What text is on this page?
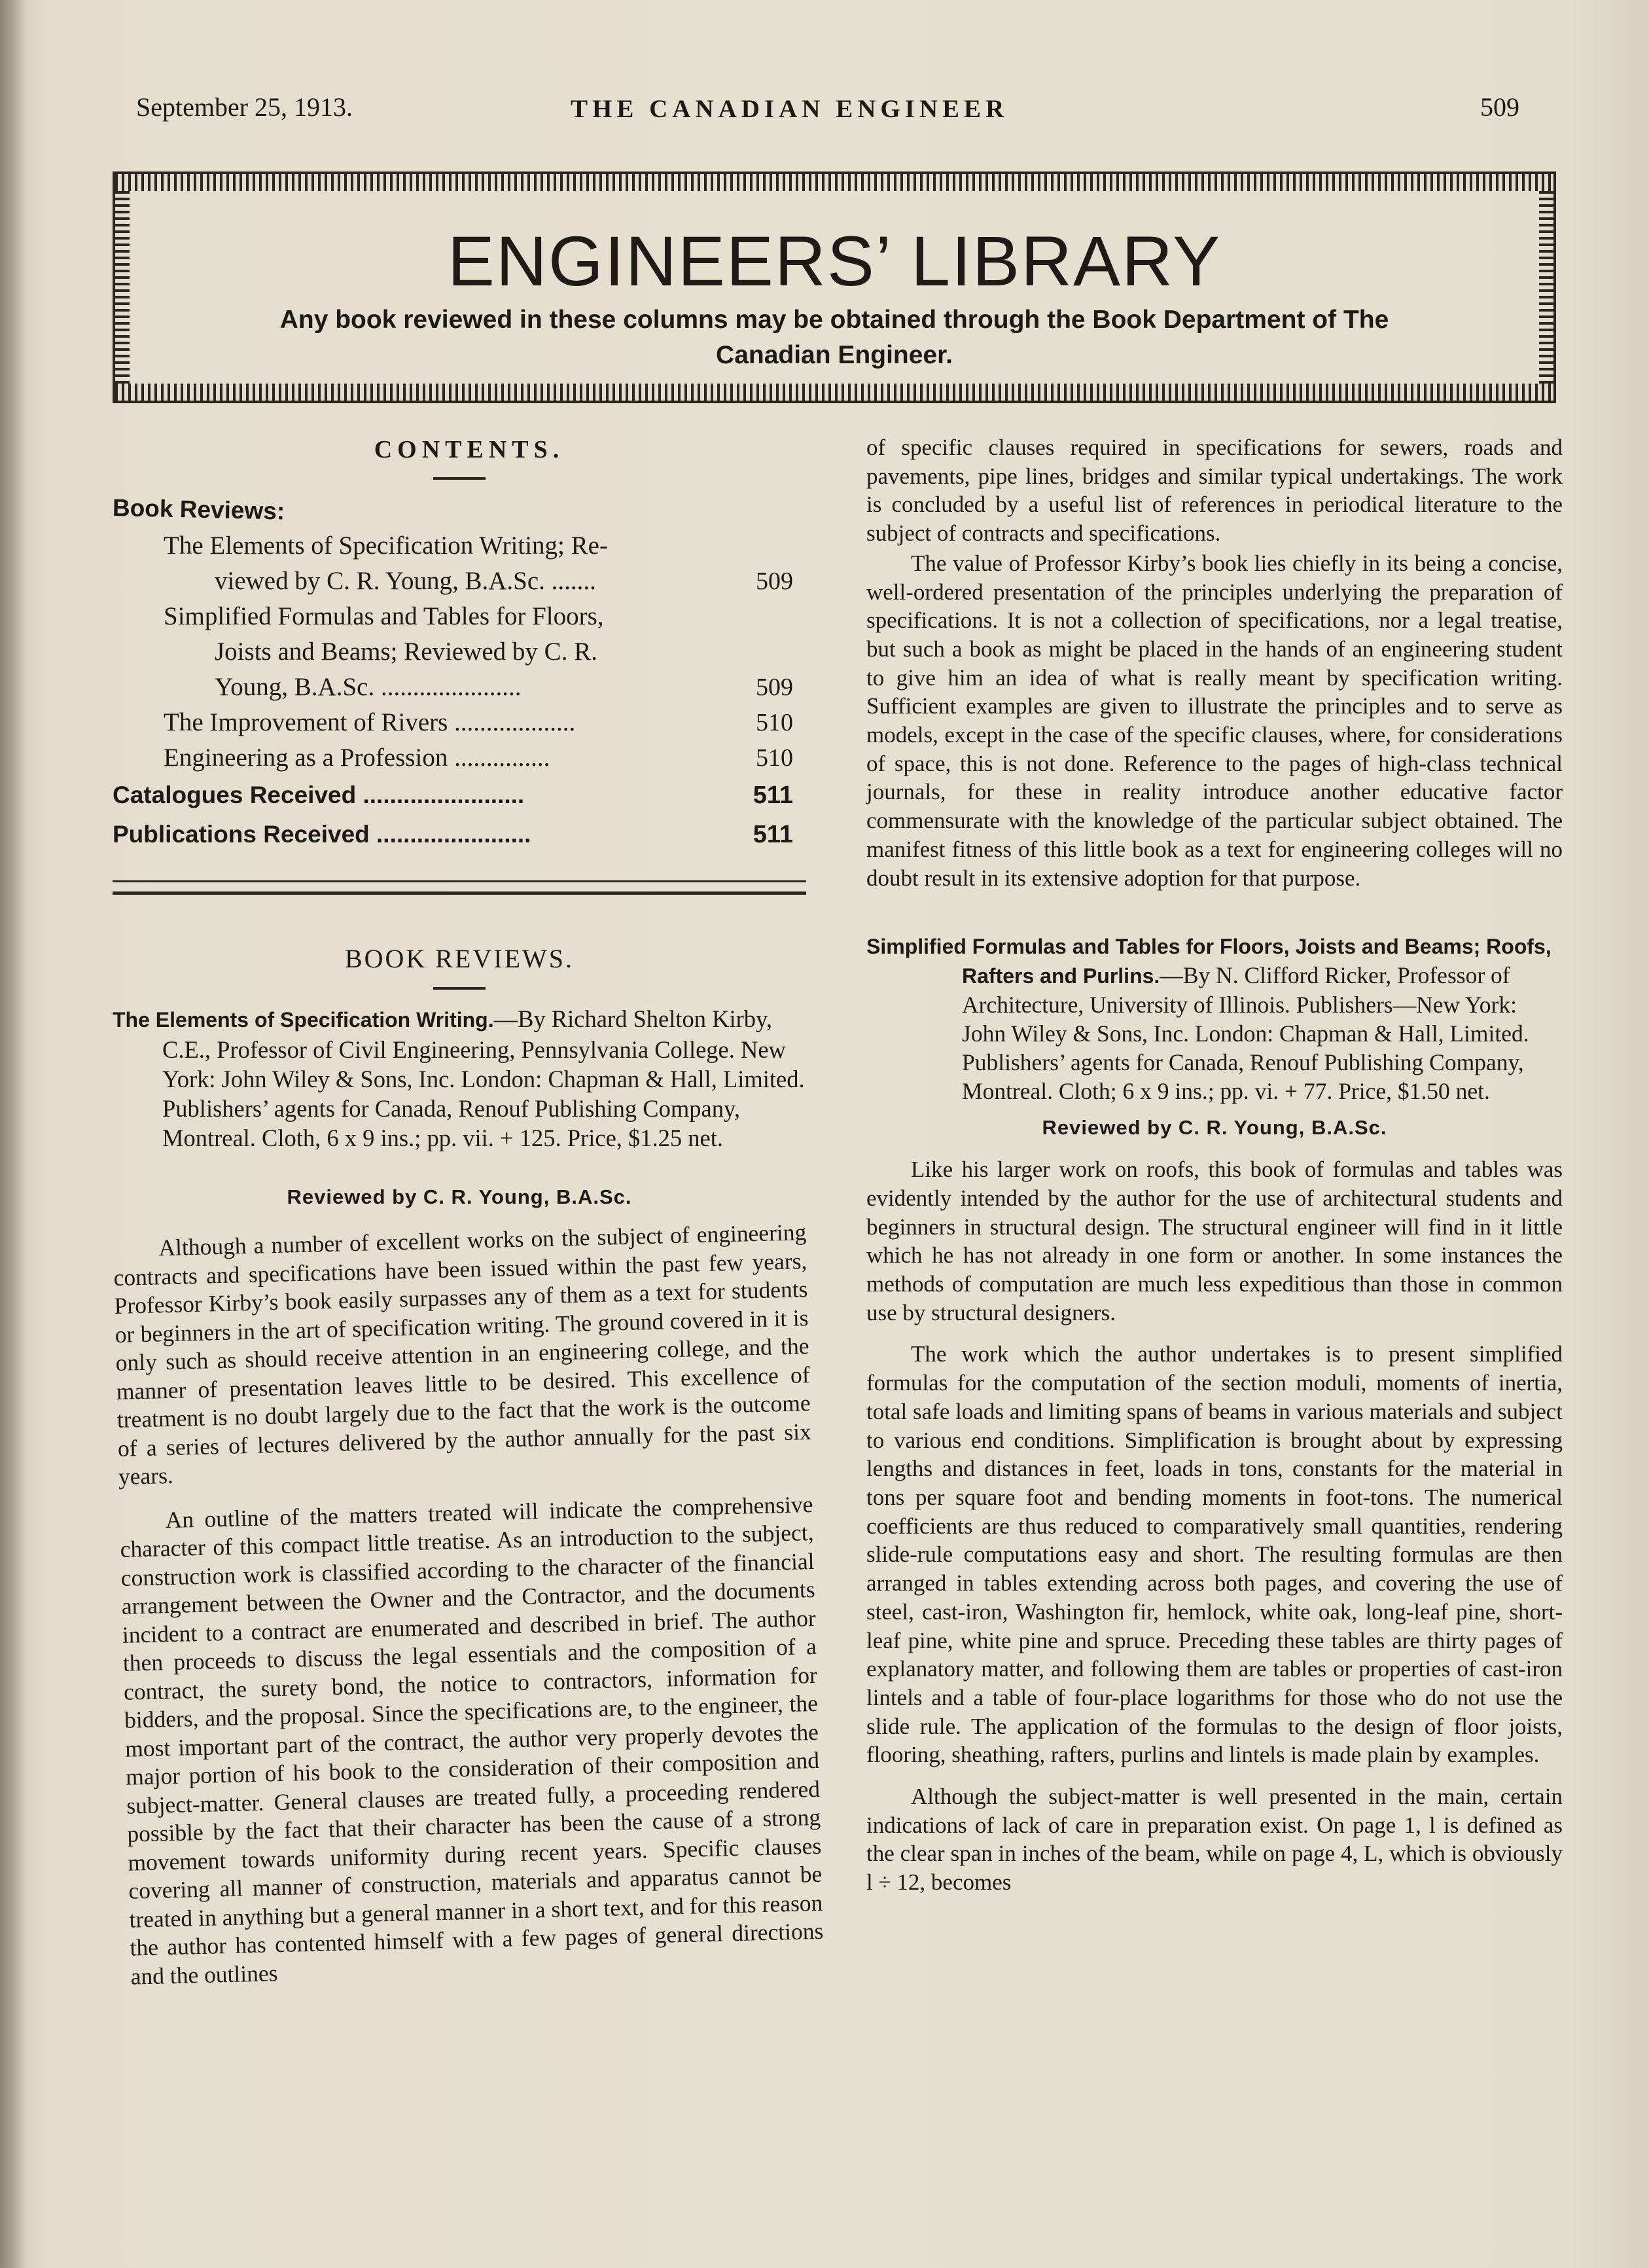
September 25, 1913.	THE CANADIAN ENGINEER	509
ENGINEERS’ LIBRARY
Any book reviewed in these columns may be obtained through the Book Department of The Canadian Engineer.
CONTENTS.
Book Reviews:
The Elements of Specification Writing; Re-
viewed by C. R. Young, B.A.Sc. .......	509
Simplified Formulas and Tables for Floors,
Joists and Beams; Reviewed by C. R.
Young, B.A.Sc. ......................	509
The Improvement of Rivers ...................	510
Engineering as a Profession ...............	510
Catalogues Received ........................	511
Publications Received .......................	511
BOOK REVIEWS.

The Elements of Specification Writing.—By Richard Shelton Kirby, C.E., Professor of Civil Engineering, Pennsylvania College. New York: John Wiley & Sons, Inc. London: Chapman & Hall, Limited. Publishers’ agents for Canada, Renouf Publishing Company, Montreal. Cloth, 6 x 9 ins.; pp. vii. + 125. Price, $1.25 net.

Reviewed by C. R. Young, B.A.Sc.

Although a number of excellent works on the subject of engineering contracts and specifications have been issued within the past few years, Professor Kirby’s book easily surpasses any of them as a text for students or beginners in the art of specification writing. The ground covered in it is only such as should receive attention in an engineering college, and the manner of presentation leaves little to be desired. This excellence of treatment is no doubt largely due to the fact that the work is the outcome of a series of lectures delivered by the author annually for the past six years.

An outline of the matters treated will indicate the comprehensive character of this compact little treatise. As an introduction to the subject, construction work is classified according to the character of the financial arrangement between the Owner and the Contractor, and the documents incident to a contract are enumerated and described in brief. The author then proceeds to discuss the legal essentials and the composition of a contract, the surety bond, the notice to contractors, information for bidders, and the proposal. Since the specifications are, to the engineer, the most important part of the contract, the author very properly devotes the major portion of his book to the consideration of their composition and subject-matter. General clauses are treated fully, a proceeding rendered possible by the fact that their character has been the cause of a strong movement towards uniformity during recent years. Specific clauses covering all manner of construction, materials and apparatus cannot be treated in anything but a general manner in a short text, and for this reason the author has contented himself with a few pages of general directions and the outlines

of specific clauses required in specifications for sewers, roads and pavements, pipe lines, bridges and similar typical undertakings. The work is concluded by a useful list of references in periodical literature to the subject of contracts and specifications.

The value of Professor Kirby’s book lies chiefly in its being a concise, well-ordered presentation of the principles underlying the preparation of specifications. It is not a collection of specifications, nor a legal treatise, but such a book as might be placed in the hands of an engineering student to give him an idea of what is really meant by specification writing. Sufficient examples are given to illustrate the principles and to serve as models, except in the case of the specific clauses, where, for considerations of space, this is not done. Reference to the pages of high-class technical journals, for these in reality introduce another educative factor commensurate with the knowledge of the particular subject obtained. The manifest fitness of this little book as a text for engineering colleges will no doubt result in its extensive adoption for that purpose.

Simplified Formulas and Tables for Floors, Joists and Beams; Roofs, Rafters and Purlins.—By N. Clifford Ricker, Professor of Architecture, University of Illinois. Publishers—New York: John Wiley & Sons, Inc. London: Chapman & Hall, Limited. Publishers’ agents for Canada, Renouf Publishing Company, Montreal. Cloth; 6 x 9 ins.; pp. vi. + 77. Price, $1.50 net.

Reviewed by C. R. Young, B.A.Sc.

Like his larger work on roofs, this book of formulas and tables was evidently intended by the author for the use of architectural students and beginners in structural design. The structural engineer will find in it little which he has not already in one form or another. In some instances the methods of computation are much less expeditious than those in common use by structural designers.

The work which the author undertakes is to present simplified formulas for the computation of the section moduli, moments of inertia, total safe loads and limiting spans of beams in various materials and subject to various end conditions. Simplification is brought about by expressing lengths and distances in feet, loads in tons, constants for the material in tons per square foot and bending moments in foot-tons. The numerical coefficients are thus reduced to comparatively small quantities, rendering slide-rule computations easy and short. The resulting formulas are then arranged in tables extending across both pages, and covering the use of steel, cast-iron, Washington fir, hemlock, white oak, long-leaf pine, short-leaf pine, white pine and spruce. Preceding these tables are thirty pages of explanatory matter, and following them are tables or properties of cast-iron lintels and a table of four-place logarithms for those who do not use the slide rule. The application of the formulas to the design of floor joists, flooring, sheathing, rafters, purlins and lintels is made plain by examples.

Although the subject-matter is well presented in the main, certain indications of lack of care in preparation exist. On page 1, l is defined as the clear span in inches of the beam, while on page 4, L, which is obviously l ÷ 12, becomes
